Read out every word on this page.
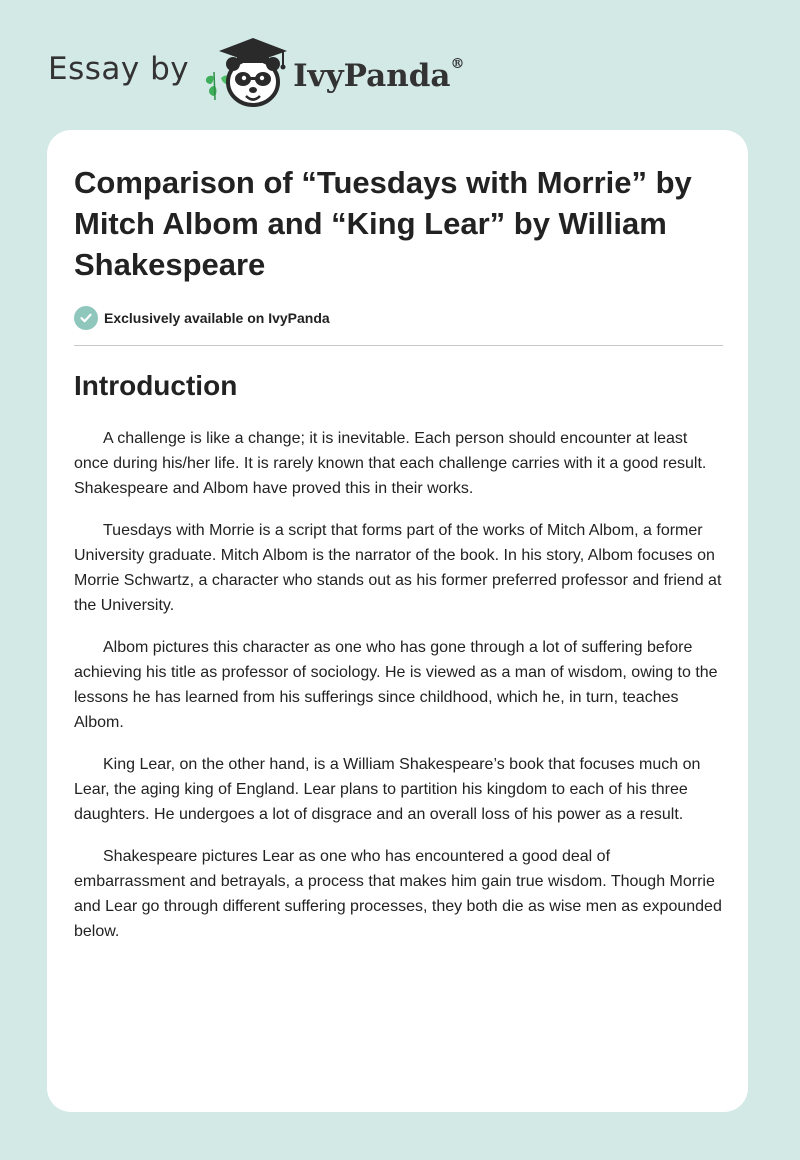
Essay by	IvyPanda®
Comparison of “Tuesdays with Morrie” by Mitch Albom and “King Lear” by William Shakespeare
Exclusively available on IvyPanda
Introduction

A challenge is like a change; it is inevitable. Each person should encounter at least once during his/her life. It is rarely known that each challenge carries with it a good result. Shakespeare and Albom have proved this in their works.

Tuesdays with Morrie is a script that forms part of the works of Mitch Albom, a former University graduate. Mitch Albom is the narrator of the book. In his story, Albom focuses on Morrie Schwartz, a character who stands out as his former preferred professor and friend at the University.

Albom pictures this character as one who has gone through a lot of suffering before achieving his title as professor of sociology. He is viewed as a man of wisdom, owing to the lessons he has learned from his sufferings since childhood, which he, in turn, teaches Albom.

King Lear, on the other hand, is a William Shakespeare’s book that focuses much on Lear, the aging king of England. Lear plans to partition his kingdom to each of his three daughters. He undergoes a lot of disgrace and an overall loss of his power as a result.

Shakespeare pictures Lear as one who has encountered a good deal of embarrassment and betrayals, a process that makes him gain true wisdom. Though Morrie and Lear go through different suffering processes, they both die as wise men as expounded below.
